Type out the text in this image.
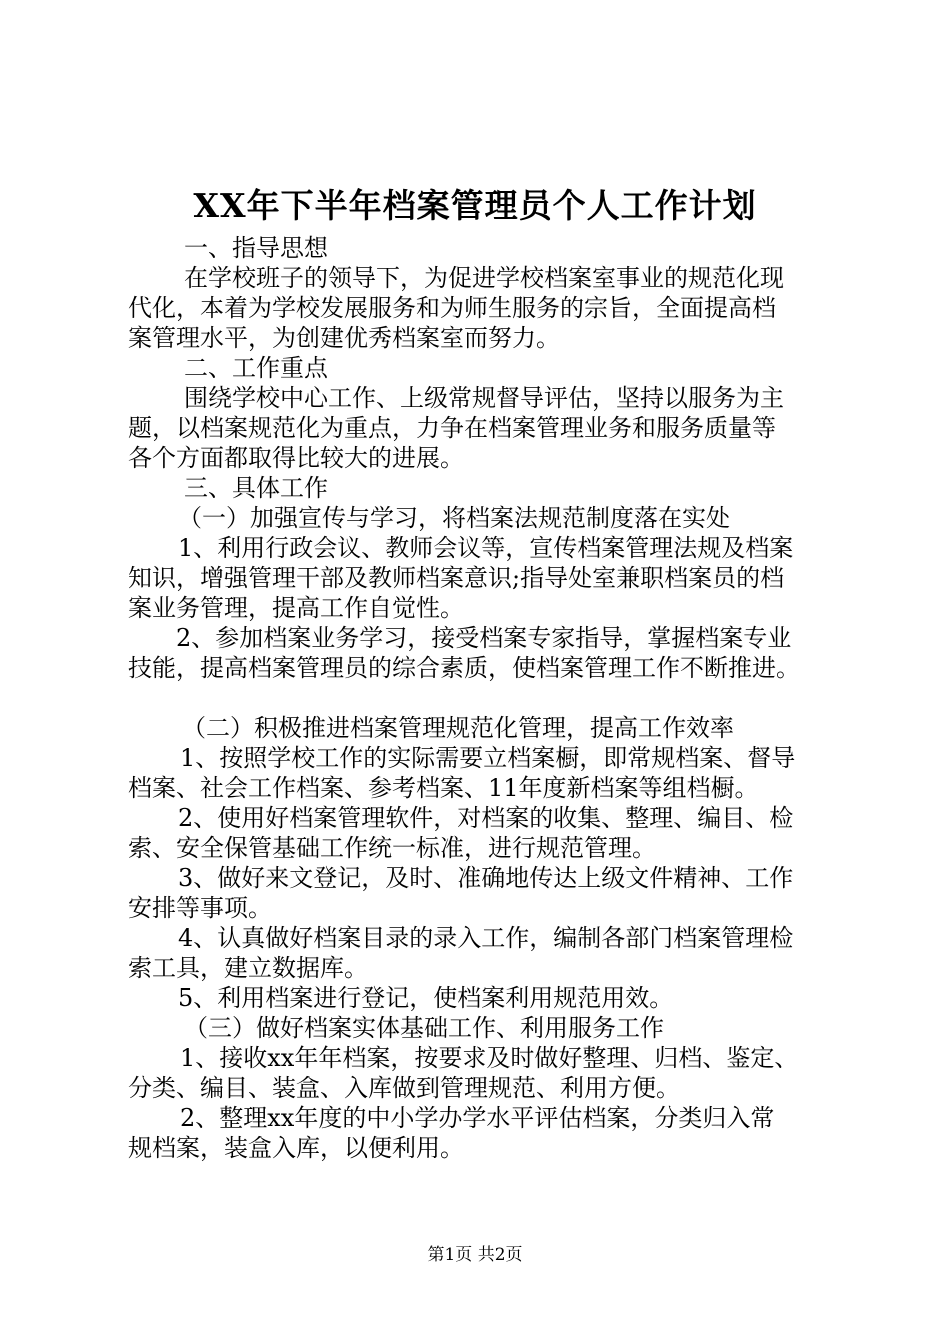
XX年下半年档案管理员个人工作计划
一、指导思想
在学校班子的领导下，为促进学校档案室事业的规范化现
代化，本着为学校发展服务和为师生服务的宗旨，全面提高档
案管理水平，为创建优秀档案室而努力。
二、工作重点
围绕学校中心工作、上级常规督导评估，坚持以服务为主
题，以档案规范化为重点，力争在档案管理业务和服务质量等
各个方面都取得比较大的进展。
三、具体工作
（一）加强宣传与学习，将档案法规范制度落在实处
1、利用行政会议、教师会议等，宣传档案管理法规及档案
知识，增强管理干部及教师档案意识;指导处室兼职档案员的档
案业务管理，提高工作自觉性。
2、参加档案业务学习，接受档案专家指导，掌握档案专业
技能，提高档案管理员的综合素质，使档案管理工作不断推进。
（二）积极推进档案管理规范化管理，提高工作效率
1、按照学校工作的实际需要立档案橱，即常规档案、督导
档案、社会工作档案、参考档案、11年度新档案等组档橱。
2、使用好档案管理软件，对档案的收集、整理、编目、检
索、安全保管基础工作统一标准，进行规范管理。
3、做好来文登记，及时、准确地传达上级文件精神、工作
安排等事项。
4、认真做好档案目录的录入工作，编制各部门档案管理检
索工具，建立数据库。
5、利用档案进行登记，使档案利用规范用效。
（三）做好档案实体基础工作、利用服务工作
1、接收xx年年档案，按要求及时做好整理、归档、鉴定、
分类、编目、装盒、入库做到管理规范、利用方便。
2、整理xx年度的中小学办学水平评估档案，分类归入常
规档案，装盒入库，以便利用。
第1页 共2页
